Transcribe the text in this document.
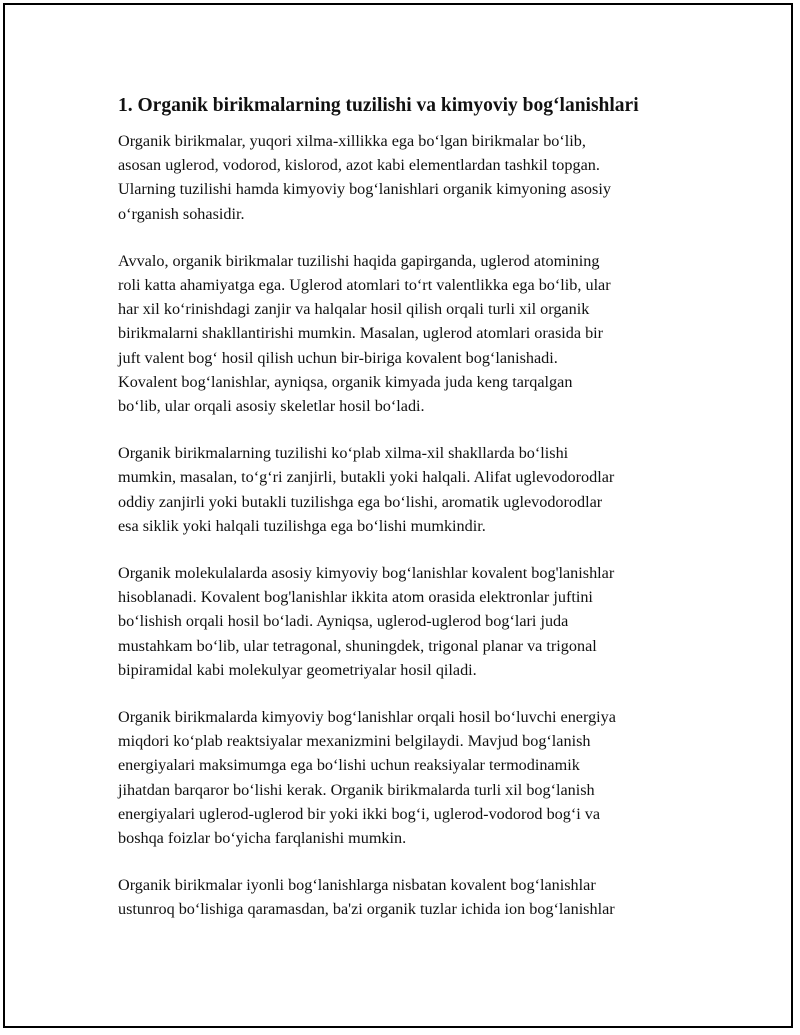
1. Organik birikmalarning tuzilishi va kimyoviy bog‘lanishlari

Organik birikmalar, yuqori xilma-xillikka ega bo‘lgan birikmalar bo‘lib,
asosan uglerod, vodorod, kislorod, azot kabi elementlardan tashkil topgan.
Ularning tuzilishi hamda kimyoviy bog‘lanishlari organik kimyoning asosiy
o‘rganish sohasidir.

Avvalo, organik birikmalar tuzilishi haqida gapirganda, uglerod atomining
roli katta ahamiyatga ega. Uglerod atomlari to‘rt valentlikka ega bo‘lib, ular
har xil ko‘rinishdagi zanjir va halqalar hosil qilish orqali turli xil organik
birikmalarni shakllantirishi mumkin. Masalan, uglerod atomlari orasida bir
juft valent bog‘ hosil qilish uchun bir-biriga kovalent bog‘lanishadi.
Kovalent bog‘lanishlar, ayniqsa, organik kimyada juda keng tarqalgan
bo‘lib, ular orqali asosiy skeletlar hosil bo‘ladi.

Organik birikmalarning tuzilishi ko‘plab xilma-xil shakllarda bo‘lishi
mumkin, masalan, to‘g‘ri zanjirli, butakli yoki halqali. Alifat uglevodorodlar
oddiy zanjirli yoki butakli tuzilishga ega bo‘lishi, aromatik uglevodorodlar
esa siklik yoki halqali tuzilishga ega bo‘lishi mumkindir.

Organik molekulalarda asosiy kimyoviy bog‘lanishlar kovalent bog'lanishlar
hisoblanadi. Kovalent bog'lanishlar ikkita atom orasida elektronlar juftini
bo‘lishish orqali hosil bo‘ladi. Ayniqsa, uglerod-uglerod bog‘lari juda
mustahkam bo‘lib, ular tetragonal, shuningdek, trigonal planar va trigonal
bipiramidal kabi molekulyar geometriyalar hosil qiladi.

Organik birikmalarda kimyoviy bog‘lanishlar orqali hosil bo‘luvchi energiya
miqdori ko‘plab reaktsiyalar mexanizmini belgilaydi. Mavjud bog‘lanish
energiyalari maksimumga ega bo‘lishi uchun reaksiyalar termodinamik
jihatdan barqaror bo‘lishi kerak. Organik birikmalarda turli xil bog‘lanish
energiyalari uglerod-uglerod bir yoki ikki bog‘i, uglerod-vodorod bog‘i va
boshqa foizlar bo‘yicha farqlanishi mumkin.

Organik birikmalar iyonli bog‘lanishlarga nisbatan kovalent bog‘lanishlar
ustunroq bo‘lishiga qaramasdan, ba'zi organik tuzlar ichida ion bog‘lanishlar
